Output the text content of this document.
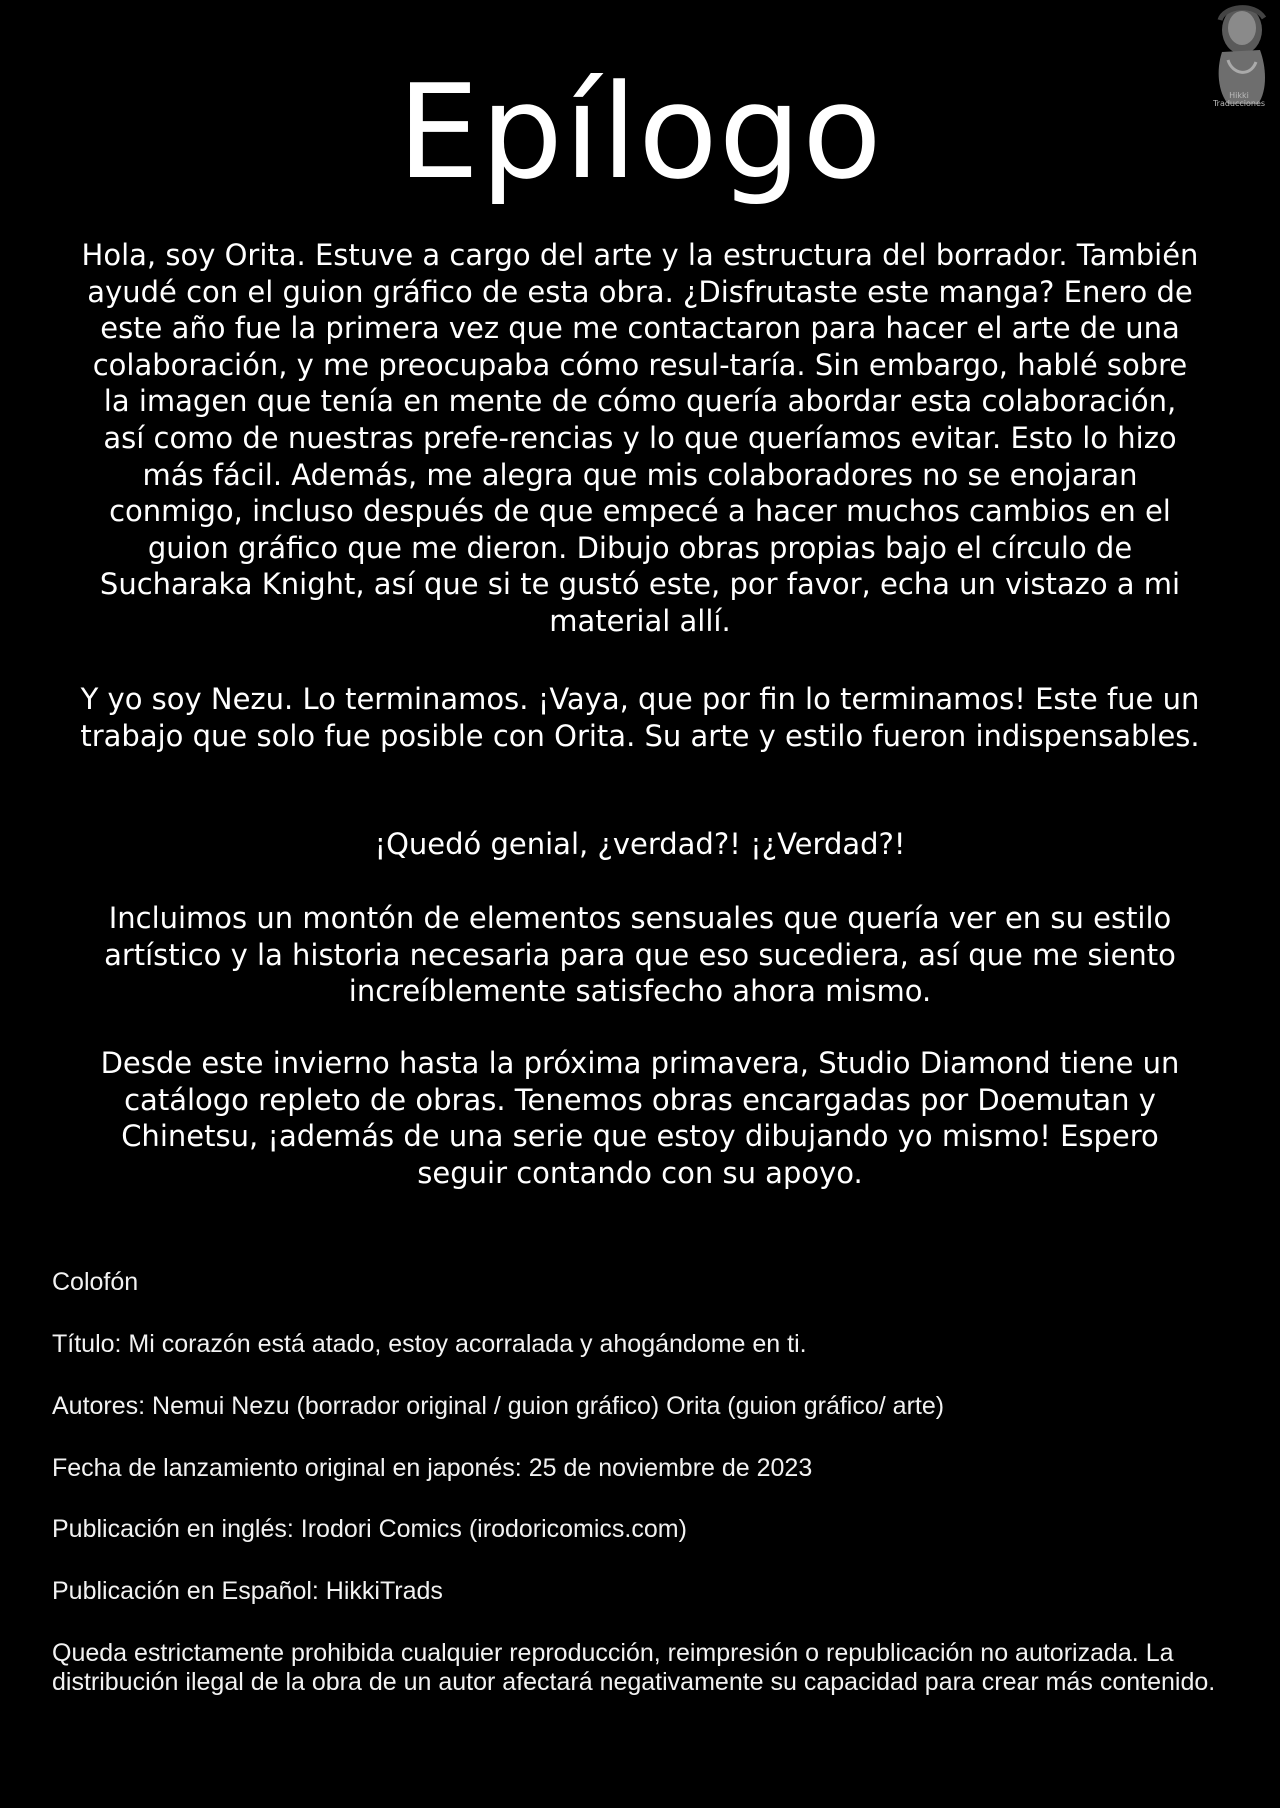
Hikki Traducciones
Epílogo

Hola, soy Orita. Estuve a cargo del arte y la estructura del borrador. También ayudé con el guion gráfico de esta obra. ¿Disfrutaste este manga? Enero de este año fue la primera vez que me contactaron para hacer el arte de una colaboración, y me preocupaba cómo resul-taría. Sin embargo, hablé sobre la imagen que tenía en mente de cómo quería abordar esta colaboración, así como de nuestras prefe-rencias y lo que queríamos evitar. Esto lo hizo más fácil. Además, me alegra que mis colaboradores no se enojaran conmigo, incluso después de que empecé a hacer muchos cambios en el guion gráfico que me dieron. Dibujo obras propias bajo el círculo de Sucharaka Knight, así que si te gustó este, por favor, echa un vistazo a mi material allí.

Y yo soy Nezu. Lo terminamos. ¡Vaya, que por fin lo terminamos! Este fue un trabajo que solo fue posible con Orita. Su arte y estilo fueron indispensables.

¡Quedó genial, ¿verdad?! ¡¿Verdad?!

Incluimos un montón de elementos sensuales que quería ver en su estilo artístico y la historia necesaria para que eso sucediera, así que me siento increíblemente satisfecho ahora mismo.

Desde este invierno hasta la próxima primavera, Studio Diamond tiene un catálogo repleto de obras. Tenemos obras encargadas por Doemutan y Chinetsu, ¡además de una serie que estoy dibujando yo mismo! Espero seguir contando con su apoyo.

Colofón

Título: Mi corazón está atado, estoy acorralada y ahogándome en ti.

Autores: Nemui Nezu (borrador original / guion gráfico) Orita (guion gráfico/ arte)

Fecha de lanzamiento original en japonés: 25 de noviembre de 2023

Publicación en inglés: Irodori Comics (irodoricomics.com)

Publicación en Español: HikkiTrads

Queda estrictamente prohibida cualquier reproducción, reimpresión o republicación no autorizada. La distribución ilegal de la obra de un autor afectará negativamente su capacidad para crear más contenido.
